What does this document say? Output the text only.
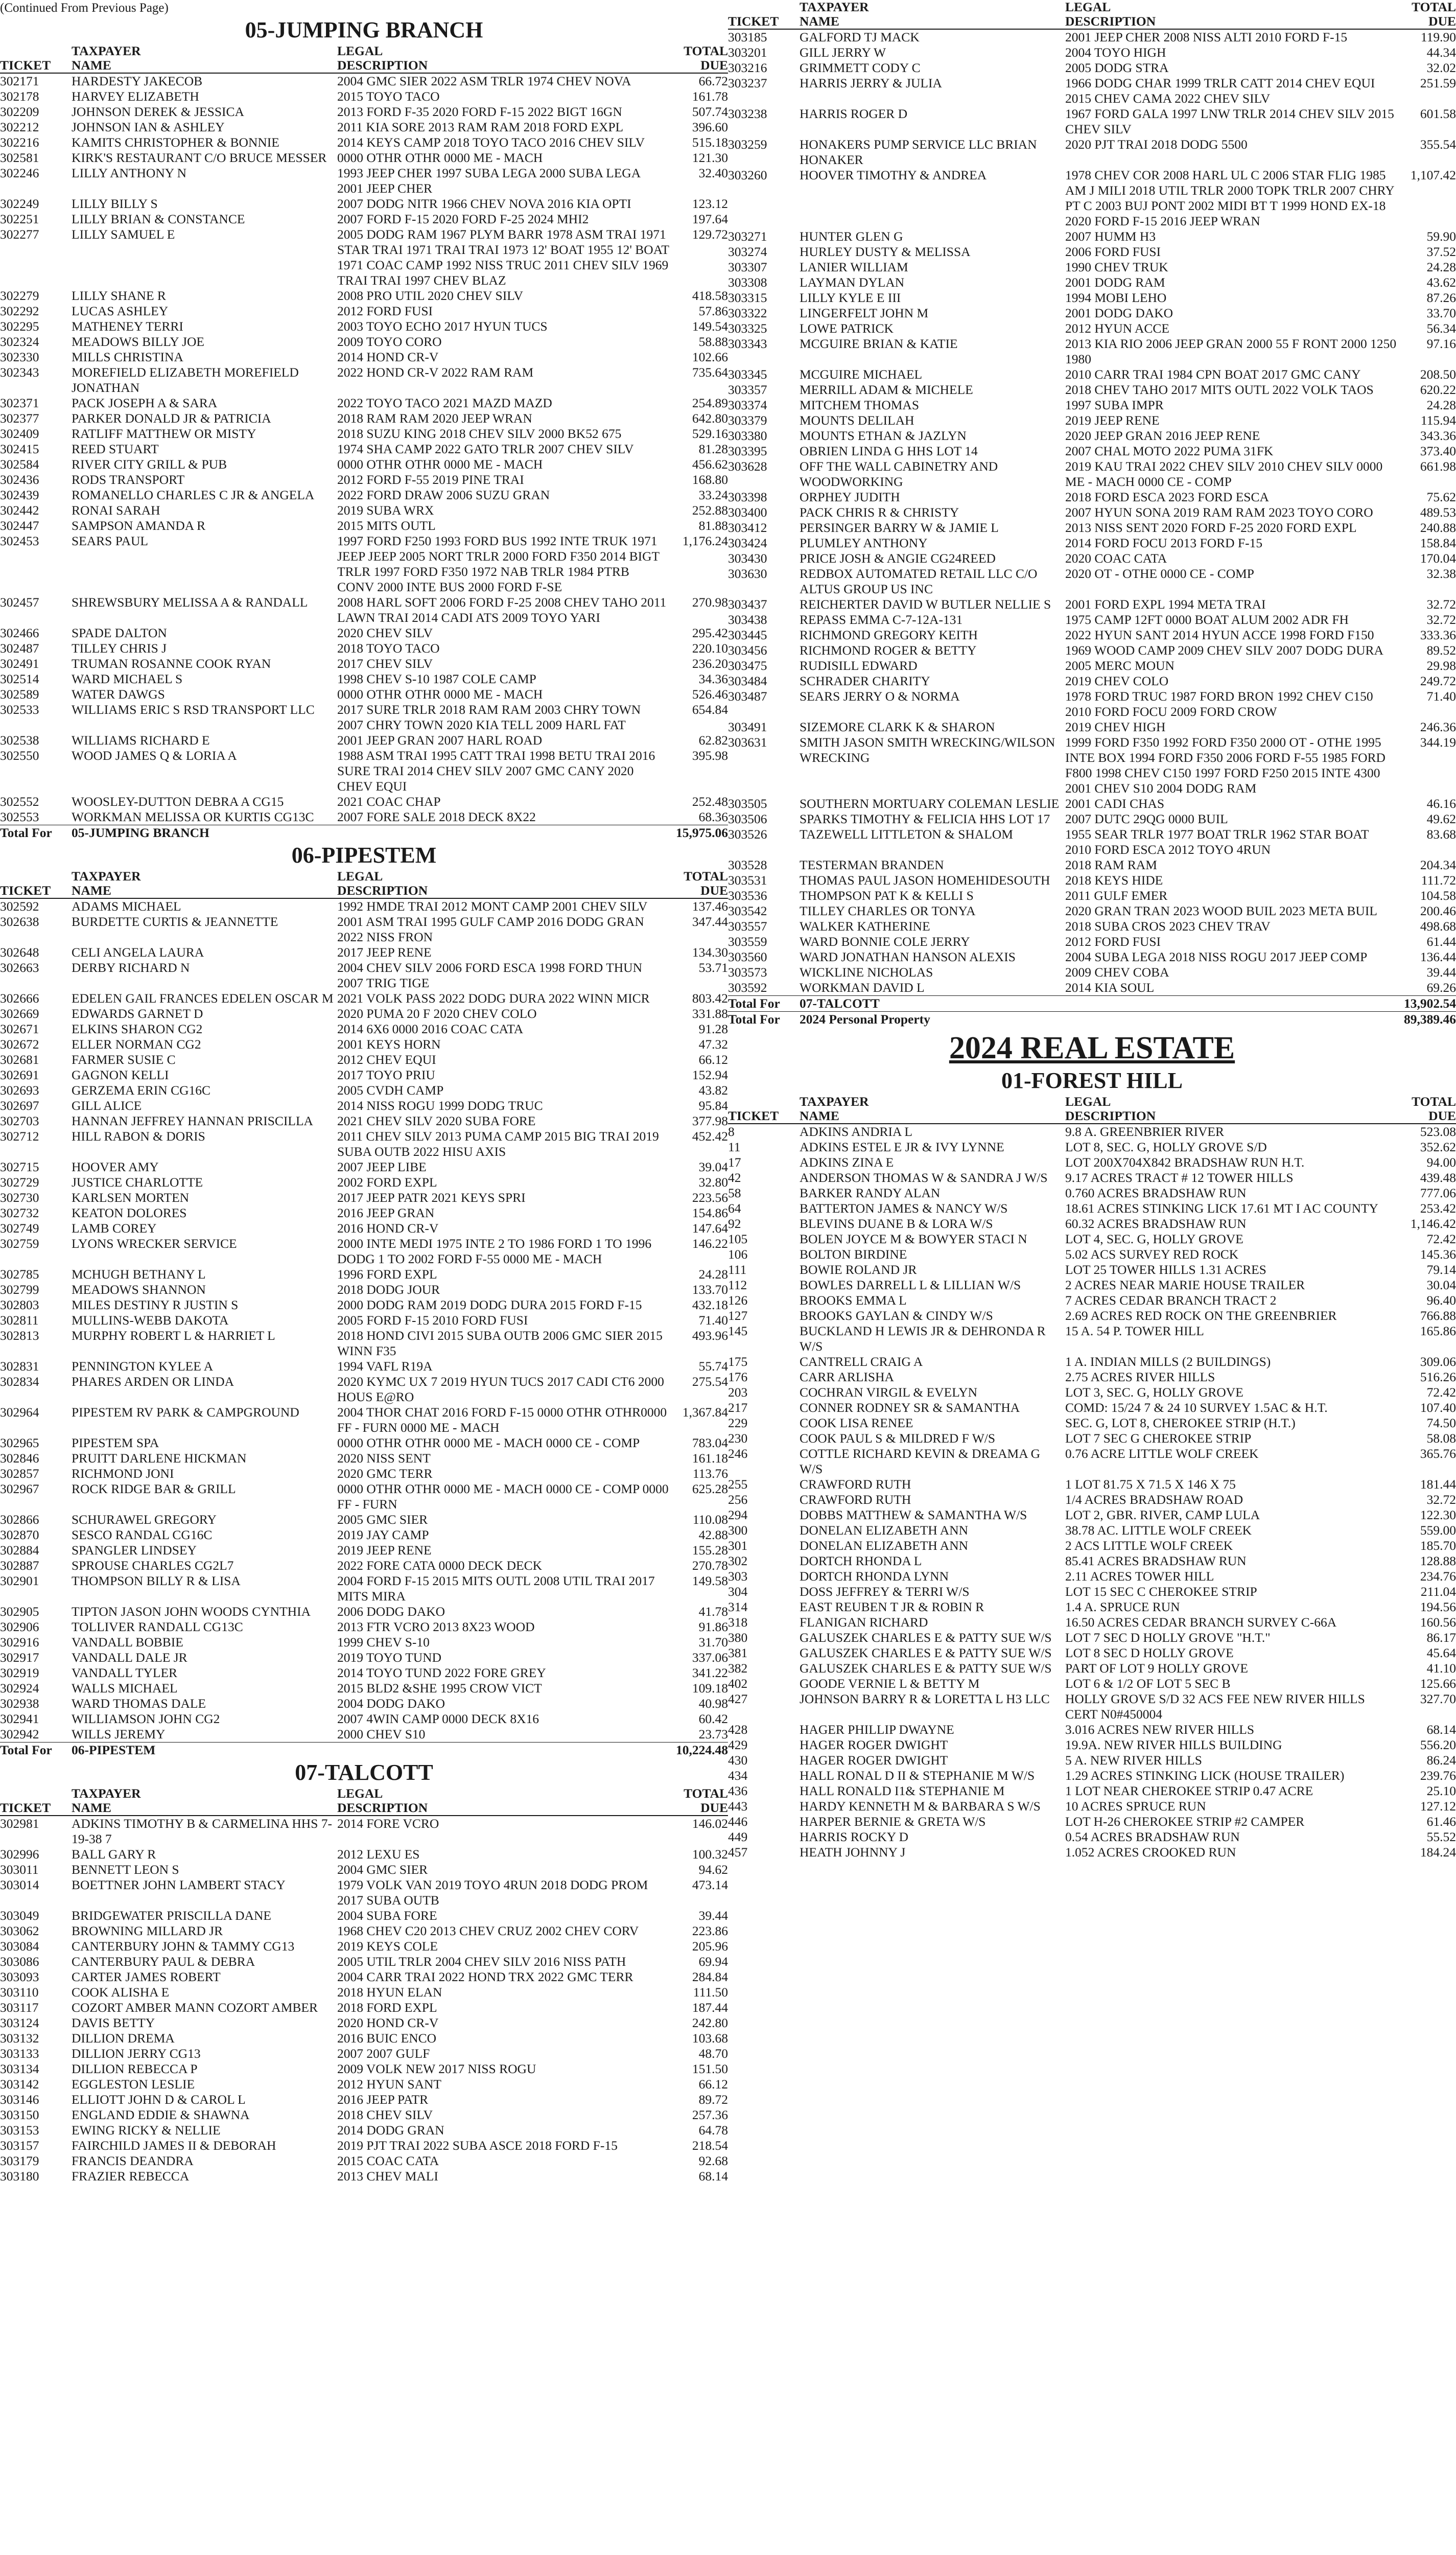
(Continued From Previous Page)
05-JUMPING BRANCH
	TAXPAYER	LEGAL	TOTAL
TICKET	NAME	DESCRIPTION	DUE
302171	HARDESTY JAKECOB	2004 GMC SIER 2022 ASM TRLR 1974 CHEV NOVA	66.72
302178	HARVEY ELIZABETH	2015 TOYO TACO	161.78
302209	JOHNSON DEREK & JESSICA	2013 FORD F-35 2020 FORD F-15 2022 BIGT 16GN	507.74
302212	JOHNSON IAN & ASHLEY	2011 KIA SORE 2013 RAM RAM 2018 FORD EXPL	396.60
302216	KAMITS CHRISTOPHER & BONNIE	2014 KEYS CAMP 2018 TOYO TACO 2016 CHEV SILV	515.18
302581	KIRK'S RESTAURANT C/O BRUCE MESSER	0000 OTHR OTHR 0000 ME - MACH	121.30
302246	LILLY ANTHONY N	1993 JEEP CHER 1997 SUBA LEGA 2000 SUBA LEGA 2001 JEEP CHER	32.40
302249	LILLY BILLY S	2007 DODG NITR 1966 CHEV NOVA 2016 KIA OPTI	123.12
302251	LILLY BRIAN & CONSTANCE	2007 FORD F-15 2020 FORD F-25 2024 MHI2	197.64
302277	LILLY SAMUEL E	2005 DODG RAM 1967 PLYM BARR 1978 ASM TRAI 1971 STAR TRAI 1971 TRAI TRAI 1973 12' BOAT 1955 12' BOAT 1971 COAC CAMP 1992 NISS TRUC 2011 CHEV SILV 1969 TRAI TRAI 1997 CHEV BLAZ	129.72
302279	LILLY SHANE R	2008 PRO UTIL 2020 CHEV SILV	418.58
302292	LUCAS ASHLEY	2012 FORD FUSI	57.86
302295	MATHENEY TERRI	2003 TOYO ECHO 2017 HYUN TUCS	149.54
302324	MEADOWS BILLY JOE	2009 TOYO CORO	58.88
302330	MILLS CHRISTINA	2014 HOND CR-V	102.66
302343	MOREFIELD ELIZABETH MOREFIELD JONATHAN	2022 HOND CR-V 2022 RAM RAM	735.64
302371	PACK JOSEPH A & SARA	2022 TOYO TACO 2021 MAZD MAZD	254.89
302377	PARKER DONALD JR & PATRICIA	2018 RAM RAM 2020 JEEP WRAN	642.80
302409	RATLIFF MATTHEW OR MISTY	2018 SUZU KING 2018 CHEV SILV 2000 BK52 675	529.16
302415	REED STUART	1974 SHA CAMP 2022 GATO TRLR 2007 CHEV SILV	81.28
302584	RIVER CITY GRILL & PUB	0000 OTHR OTHR 0000 ME - MACH	456.62
302436	RODS TRANSPORT	2012 FORD F-55 2019 PINE TRAI	168.80
302439	ROMANELLO CHARLES C JR & ANGELA	2022 FORD DRAW 2006 SUZU GRAN	33.24
302442	RONAI SARAH	2019 SUBA WRX	252.88
302447	SAMPSON AMANDA R	2015 MITS OUTL	81.88
302453	SEARS PAUL	1997 FORD F250 1993 FORD BUS 1992 INTE TRUK 1971 JEEP JEEP 2005 NORT TRLR 2000 FORD F350 2014 BIGT TRLR 1997 FORD F350 1972 NAB TRLR 1984 PTRB CONV 2000 INTE BUS 2000 FORD F-SE	1,176.24
302457	SHREWSBURY MELISSA A & RANDALL	2008 HARL SOFT 2006 FORD F-25 2008 CHEV TAHO 2011 LAWN TRAI 2014 CADI ATS 2009 TOYO YARI	270.98
302466	SPADE DALTON	2020 CHEV SILV	295.42
302487	TILLEY CHRIS J	2018 TOYO TACO	220.10
302491	TRUMAN ROSANNE COOK RYAN	2017 CHEV SILV	236.20
302514	WARD MICHAEL S	1998 CHEV S-10 1987 COLE CAMP	34.36
302589	WATER DAWGS	0000 OTHR OTHR 0000 ME - MACH	526.46
302533	WILLIAMS ERIC S RSD TRANSPORT LLC	2017 SURE TRLR 2018 RAM RAM 2003 CHRY TOWN 2007 CHRY TOWN 2020 KIA TELL 2009 HARL FAT	654.84
302538	WILLIAMS RICHARD E	2001 JEEP GRAN 2007 HARL ROAD	62.82
302550	WOOD JAMES Q & LORIA A	1988 ASM TRAI 1995 CATT TRAI 1998 BETU TRAI 2016 SURE TRAI 2014 CHEV SILV 2007 GMC CANY 2020 CHEV EQUI	395.98
302552	WOOSLEY-DUTTON DEBRA A CG15	2021 COAC CHAP	252.48
302553	WORKMAN MELISSA OR KURTIS CG13C	2007 FORE SALE 2018 DECK 8X22	68.36
Total For	05-JUMPING BRANCH		15,975.06
06-PIPESTEM
	TAXPAYER	LEGAL	TOTAL
TICKET	NAME	DESCRIPTION	DUE
302592	ADAMS MICHAEL	1992 HMDE TRAI 2012 MONT CAMP 2001 CHEV SILV	137.46
302638	BURDETTE CURTIS & JEANNETTE	2001 ASM TRAI 1995 GULF CAMP 2016 DODG GRAN 2022 NISS FRON	347.44
302648	CELI ANGELA LAURA	2017 JEEP RENE	134.30
302663	DERBY RICHARD N	2004 CHEV SILV 2006 FORD ESCA 1998 FORD THUN 2007 TRIG TIGE	53.71
302666	EDELEN GAIL FRANCES EDELEN OSCAR M	2021 VOLK PASS 2022 DODG DURA 2022 WINN MICR	803.42
302669	EDWARDS GARNET D	2020 PUMA 20 F 2020 CHEV COLO	331.88
302671	ELKINS SHARON CG2	2014 6X6 0000 2016 COAC CATA	91.28
302672	ELLER NORMAN CG2	2001 KEYS HORN	47.32
302681	FARMER SUSIE C	2012 CHEV EQUI	66.12
302691	GAGNON KELLI	2017 TOYO PRIU	152.94
302693	GERZEMA ERIN CG16C	2005 CVDH CAMP	43.82
302697	GILL ALICE	2014 NISS ROGU 1999 DODG TRUC	95.84
302703	HANNAN JEFFREY HANNAN PRISCILLA	2021 CHEV SILV 2020 SUBA FORE	377.98
302712	HILL RABON & DORIS	2011 CHEV SILV 2013 PUMA CAMP 2015 BIG TRAI 2019 SUBA OUTB 2022 HISU AXIS	452.42
302715	HOOVER AMY	2007 JEEP LIBE	39.04
302729	JUSTICE CHARLOTTE	2002 FORD EXPL	32.80
302730	KARLSEN MORTEN	2017 JEEP PATR 2021 KEYS SPRI	223.56
302732	KEATON DOLORES	2016 JEEP GRAN	154.86
302749	LAMB COREY	2016 HOND CR-V	147.64
302759	LYONS WRECKER SERVICE	2000 INTE MEDI 1975 INTE 2 TO 1986 FORD 1 TO 1996 DODG 1 TO 2002 FORD F-55 0000 ME - MACH	146.22
302785	MCHUGH BETHANY L	1996 FORD EXPL	24.28
302799	MEADOWS SHANNON	2018 DODG JOUR	133.70
302803	MILES DESTINY R JUSTIN S	2000 DODG RAM 2019 DODG DURA 2015 FORD F-15	432.18
302811	MULLINS-WEBB DAKOTA	2005 FORD F-15 2010 FORD FUSI	71.40
302813	MURPHY ROBERT L & HARRIET L	2018 HOND CIVI 2015 SUBA OUTB 2006 GMC SIER 2015 WINN F35	493.96
302831	PENNINGTON KYLEE A	1994 VAFL R19A	55.74
302834	PHARES ARDEN OR LINDA	2020 KYMC UX 7 2019 HYUN TUCS 2017 CADI CT6 2000 HOUS E@RO	275.54
302964	PIPESTEM RV PARK & CAMPGROUND	2004 THOR CHAT 2016 FORD F-15 0000 OTHR OTHR0000 FF - FURN 0000 ME - MACH	1,367.84
302965	PIPESTEM SPA	0000 OTHR OTHR 0000 ME - MACH 0000 CE - COMP	783.04
302846	PRUITT DARLENE HICKMAN	2020 NISS SENT	161.18
302857	RICHMOND JONI	2020 GMC TERR	113.76
302967	ROCK RIDGE BAR & GRILL	0000 OTHR OTHR 0000 ME - MACH 0000 CE - COMP 0000 FF - FURN	625.28
302866	SCHURAWEL GREGORY	2005 GMC SIER	110.08
302870	SESCO RANDAL CG16C	2019 JAY CAMP	42.88
302884	SPANGLER LINDSEY	2019 JEEP RENE	155.28
302887	SPROUSE CHARLES CG2L7	2022 FORE CATA 0000 DECK DECK	270.78
302901	THOMPSON BILLY R & LISA	2004 FORD F-15 2015 MITS OUTL 2008 UTIL TRAI 2017 MITS MIRA	149.58
302905	TIPTON JASON JOHN WOODS CYNTHIA	2006 DODG DAKO	41.78
302906	TOLLIVER RANDALL CG13C	2013 FTR VCRO 2013 8X23 WOOD	91.86
302916	VANDALL BOBBIE	1999 CHEV S-10	31.70
302917	VANDALL DALE JR	2019 TOYO TUND	337.06
302919	VANDALL TYLER	2014 TOYO TUND 2022 FORE GREY	341.22
302924	WALLS MICHAEL	2015 BLD2 &SHE 1995 CROW VICT	109.18
302938	WARD THOMAS DALE	2004 DODG DAKO	40.98
302941	WILLIAMSON JOHN CG2	2007 4WIN CAMP 0000 DECK 8X16	60.42
302942	WILLS JEREMY	2000 CHEV S10	23.73
Total For	06-PIPESTEM		10,224.48
07-TALCOTT
	TAXPAYER	LEGAL	TOTAL
TICKET	NAME	DESCRIPTION	DUE
302981	ADKINS TIMOTHY B & CARMELINA HHS 7-19-38 7	2014 FORE VCRO	146.02
302996	BALL GARY R	2012 LEXU ES	100.32
303011	BENNETT LEON S	2004 GMC SIER	94.62
303014	BOETTNER JOHN LAMBERT STACY	1979 VOLK VAN 2019 TOYO 4RUN 2018 DODG PROM 2017 SUBA OUTB	473.14
303049	BRIDGEWATER PRISCILLA DANE	2004 SUBA FORE	39.44
303062	BROWNING MILLARD JR	1968 CHEV C20 2013 CHEV CRUZ 2002 CHEV CORV	223.86
303084	CANTERBURY JOHN & TAMMY CG13	2019 KEYS COLE	205.96
303086	CANTERBURY PAUL & DEBRA	2005 UTIL TRLR 2004 CHEV SILV 2016 NISS PATH	69.94
303093	CARTER JAMES ROBERT	2004 CARR TRAI 2022 HOND TRX 2022 GMC TERR	284.84
303110	COOK ALISHA E	2018 HYUN ELAN	111.50
303117	COZORT AMBER MANN COZORT AMBER	2018 FORD EXPL	187.44
303124	DAVIS BETTY	2020 HOND CR-V	242.80
303132	DILLION DREMA	2016 BUIC ENCO	103.68
303133	DILLION JERRY CG13	2007 2007 GULF	48.70
303134	DILLION REBECCA P	2009 VOLK NEW 2017 NISS ROGU	151.50
303142	EGGLESTON LESLIE	2012 HYUN SANT	66.12
303146	ELLIOTT JOHN D & CAROL L	2016 JEEP PATR	89.72
303150	ENGLAND EDDIE & SHAWNA	2018 CHEV SILV	257.36
303153	EWING RICKY & NELLIE	2014 DODG GRAN	64.78
303157	FAIRCHILD JAMES II & DEBORAH	2019 PJT TRAI 2022 SUBA ASCE 2018 FORD F-15	218.54
303179	FRANCIS DEANDRA	2015 COAC CATA	92.68
303180	FRAZIER REBECCA	2013 CHEV MALI	68.14
	TAXPAYER	LEGAL	TOTAL
TICKET	NAME	DESCRIPTION	DUE
303185	GALFORD TJ MACK	2001 JEEP CHER 2008 NISS ALTI 2010 FORD F-15	119.90
303201	GILL JERRY W	2004 TOYO HIGH	44.34
303216	GRIMMETT CODY C	2005 DODG STRA	32.02
303237	HARRIS JERRY & JULIA	1966 DODG CHAR 1999 TRLR CATT 2014 CHEV EQUI 2015 CHEV CAMA 2022 CHEV SILV	251.59
303238	HARRIS ROGER D	1967 FORD GALA 1997 LNW TRLR 2014 CHEV SILV 2015 CHEV SILV	601.58
303259	HONAKERS PUMP SERVICE LLC BRIAN HONAKER	2020 PJT TRAI 2018 DODG 5500	355.54
303260	HOOVER TIMOTHY & ANDREA	1978 CHEV COR 2008 HARL UL C 2006 STAR FLIG 1985 AM J MILI 2018 UTIL TRLR 2000 TOPK TRLR 2007 CHRY PT C 2003 BUJ PONT 2002 MIDI BT T 1999 HOND EX-18 2020 FORD F-15 2016 JEEP WRAN	1,107.42
303271	HUNTER GLEN G	2007 HUMM H3	59.90
303274	HURLEY DUSTY & MELISSA	2006 FORD FUSI	37.52
303307	LANIER WILLIAM	1990 CHEV TRUK	24.28
303308	LAYMAN DYLAN	2001 DODG RAM	43.62
303315	LILLY KYLE E III	1994 MOBI LEHO	87.26
303322	LINGERFELT JOHN M	2001 DODG DAKO	33.70
303325	LOWE PATRICK	2012 HYUN ACCE	56.34
303343	MCGUIRE BRIAN & KATIE	2013 KIA RIO 2006 JEEP GRAN 2000 55 F RONT 2000 1250 1980	97.16
303345	MCGUIRE MICHAEL	2010 CARR TRAI 1984 CPN BOAT 2017 GMC CANY	208.50
303357	MERRILL ADAM & MICHELE	2018 CHEV TAHO 2017 MITS OUTL 2022 VOLK TAOS	620.22
303374	MITCHEM THOMAS	1997 SUBA IMPR	24.28
303379	MOUNTS DELILAH	2019 JEEP RENE	115.94
303380	MOUNTS ETHAN & JAZLYN	2020 JEEP GRAN 2016 JEEP RENE	343.36
303395	OBRIEN LINDA G HHS LOT 14	2007 CHAL MOTO 2022 PUMA 31FK	373.40
303628	OFF THE WALL CABINETRY AND WOODWORKING	2019 KAU TRAI 2022 CHEV SILV 2010 CHEV SILV 0000 ME - MACH 0000 CE - COMP	661.98
303398	ORPHEY JUDITH	2018 FORD ESCA 2023 FORD ESCA	75.62
303400	PACK CHRIS R & CHRISTY	2007 HYUN SONA 2019 RAM RAM 2023 TOYO CORO	489.53
303412	PERSINGER BARRY W & JAMIE L	2013 NISS SENT 2020 FORD F-25 2020 FORD EXPL	240.88
303424	PLUMLEY ANTHONY	2014 FORD FOCU 2013 FORD F-15	158.84
303430	PRICE JOSH & ANGIE CG24REED	2020 COAC CATA	170.04
303630	REDBOX AUTOMATED RETAIL LLC C/O ALTUS GROUP US INC	2020 OT - OTHE 0000 CE - COMP	32.38
303437	REICHERTER DAVID W BUTLER NELLIE S	2001 FORD EXPL 1994 META TRAI	32.72
303438	REPASS EMMA C-7-12A-131	1975 CAMP 12FT 0000 BOAT ALUM 2002 ADR FH	32.72
303445	RICHMOND GREGORY KEITH	2022 HYUN SANT 2014 HYUN ACCE 1998 FORD F150	333.36
303456	RICHMOND ROGER & BETTY	1969 WOOD CAMP 2009 CHEV SILV 2007 DODG DURA	89.52
303475	RUDISILL EDWARD	2005 MERC MOUN	29.98
303484	SCHRADER CHARITY	2019 CHEV COLO	249.72
303487	SEARS JERRY O & NORMA	1978 FORD TRUC 1987 FORD BRON 1992 CHEV C150 2010 FORD FOCU 2009 FORD CROW	71.40
303491	SIZEMORE CLARK K & SHARON	2019 CHEV HIGH	246.36
303631	SMITH JASON SMITH WRECKING/WILSON WRECKING	1999 FORD F350 1992 FORD F350 2000 OT - OTHE 1995 INTE BOX 1994 FORD F350 2006 FORD F-55 1985 FORD F800 1998 CHEV C150 1997 FORD F250 2015 INTE 4300 2001 CHEV S10 2004 DODG RAM	344.19
303505	SOUTHERN MORTUARY COLEMAN LESLIE	2001 CADI CHAS	46.16
303506	SPARKS TIMOTHY & FELICIA HHS LOT 17	2007 DUTC 29QG 0000 BUIL	49.62
303526	TAZEWELL LITTLETON & SHALOM	1955 SEAR TRLR 1977 BOAT TRLR 1962 STAR BOAT 2010 FORD ESCA 2012 TOYO 4RUN	83.68
303528	TESTERMAN BRANDEN	2018 RAM RAM	204.34
303531	THOMAS PAUL JASON HOMEHIDESOUTH	2018 KEYS HIDE	111.72
303536	THOMPSON PAT K & KELLI S	2011 GULF EMER	104.58
303542	TILLEY CHARLES OR TONYA	2020 GRAN TRAN 2023 WOOD BUIL 2023 META BUIL	200.46
303557	WALKER KATHERINE	2018 SUBA CROS 2023 CHEV TRAV	498.68
303559	WARD BONNIE COLE JERRY	2012 FORD FUSI	61.44
303560	WARD JONATHAN HANSON ALEXIS	2004 SUBA LEGA 2018 NISS ROGU 2017 JEEP COMP	136.44
303573	WICKLINE NICHOLAS	2009 CHEV COBA	39.44
303592	WORKMAN DAVID L	2014 KIA SOUL	69.26
Total For	07-TALCOTT		13,902.54
Total For	2024 Personal Property		89,389.46
2024 REAL ESTATE
01-FOREST HILL
	TAXPAYER	LEGAL	TOTAL
TICKET	NAME	DESCRIPTION	DUE
8	ADKINS ANDRIA L	9.8 A. GREENBRIER RIVER	523.08
11	ADKINS ESTEL E JR & IVY LYNNE	LOT 8, SEC. G, HOLLY GROVE S/D	352.62
17	ADKINS ZINA E	LOT 200X704X842 BRADSHAW RUN H.T.	94.00
42	ANDERSON THOMAS W & SANDRA J W/S	9.17 ACRES TRACT # 12 TOWER HILLS	439.48
58	BARKER RANDY ALAN	0.760 ACRES BRADSHAW RUN	777.06
64	BATTERTON JAMES & NANCY W/S	18.61 ACRES STINKING LICK 17.61 MT I AC COUNTY	253.42
92	BLEVINS DUANE B & LORA W/S	60.32 ACRES BRADSHAW RUN	1,146.42
105	BOLEN JOYCE M & BOWYER STACI N	LOT 4, SEC. G, HOLLY GROVE	72.42
106	BOLTON BIRDINE	5.02 ACS SURVEY RED ROCK	145.36
111	BOWIE ROLAND JR	LOT 25 TOWER HILLS 1.31 ACRES	79.14
112	BOWLES DARRELL L & LILLIAN W/S	2 ACRES NEAR MARIE HOUSE TRAILER	30.04
126	BROOKS EMMA L	7 ACRES CEDAR BRANCH TRACT 2	96.40
127	BROOKS GAYLAN & CINDY W/S	2.69 ACRES RED ROCK ON THE GREENBRIER	766.88
145	BUCKLAND H LEWIS JR & DEHRONDA R W/S	15 A. 54 P. TOWER HILL	165.86
175	CANTRELL CRAIG A	1 A. INDIAN MILLS (2 BUILDINGS)	309.06
176	CARR ARLISHA	2.75 ACRES RIVER HILLS	516.26
203	COCHRAN VIRGIL & EVELYN	LOT 3, SEC. G, HOLLY GROVE	72.42
217	CONNER RODNEY SR & SAMANTHA	COMD: 15/24 7 & 24 10 SURVEY 1.5AC & H.T.	107.40
229	COOK LISA RENEE	SEC. G, LOT 8, CHEROKEE STRIP (H.T.)	74.50
230	COOK PAUL S & MILDRED F W/S	LOT 7 SEC G CHEROKEE STRIP	58.08
246	COTTLE RICHARD KEVIN & DREAMA G W/S	0.76 ACRE LITTLE WOLF CREEK	365.76
255	CRAWFORD RUTH	1 LOT 81.75 X 71.5 X 146 X 75	181.44
256	CRAWFORD RUTH	1/4 ACRES BRADSHAW ROAD	32.72
294	DOBBS MATTHEW & SAMANTHA W/S	LOT 2, GBR. RIVER, CAMP LULA	122.30
300	DONELAN ELIZABETH ANN	38.78 AC. LITTLE WOLF CREEK	559.00
301	DONELAN ELIZABETH ANN	2 ACS LITTLE WOLF CREEK	185.70
302	DORTCH RHONDA L	85.41 ACRES BRADSHAW RUN	128.88
303	DORTCH RHONDA LYNN	2.11 ACRES TOWER HILL	234.76
304	DOSS JEFFREY & TERRI W/S	LOT 15 SEC C CHEROKEE STRIP	211.04
314	EAST REUBEN T JR & ROBIN R	1.4 A. SPRUCE RUN	194.56
318	FLANIGAN RICHARD	16.50 ACRES CEDAR BRANCH SURVEY C-66A	160.56
380	GALUSZEK CHARLES E & PATTY SUE W/S	LOT 7 SEC D HOLLY GROVE "H.T."	86.17
381	GALUSZEK CHARLES E & PATTY SUE W/S	LOT 8 SEC D HOLLY GROVE	45.64
382	GALUSZEK CHARLES E & PATTY SUE W/S	PART OF LOT 9 HOLLY GROVE	41.10
402	GOODE VERNIE L & BETTY M	LOT 6 & 1/2 OF LOT 5 SEC B	125.66
427	JOHNSON BARRY R & LORETTA L H3 LLC	HOLLY GROVE S/D 32 ACS FEE NEW RIVER HILLS CERT N0#450004	327.70
428	HAGER PHILLIP DWAYNE	3.016 ACRES NEW RIVER HILLS	68.14
429	HAGER ROGER DWIGHT	19.9A. NEW RIVER HILLS BUILDING	556.20
430	HAGER ROGER DWIGHT	5 A. NEW RIVER HILLS	86.24
434	HALL RONAL D II & STEPHANIE M W/S	1.29 ACRES STINKING LICK (HOUSE TRAILER)	239.76
436	HALL RONALD I1& STEPHANIE M	1 LOT NEAR CHEROKEE STRIP 0.47 ACRE	25.10
443	HARDY KENNETH M & BARBARA S W/S	10 ACRES SPRUCE RUN	127.12
446	HARPER BERNIE & GRETA W/S	LOT H-26 CHEROKEE STRIP #2 CAMPER	61.46
449	HARRIS ROCKY D	0.54 ACRES BRADSHAW RUN	55.52
457	HEATH JOHNNY J	1.052 ACRES CROOKED RUN	184.24
